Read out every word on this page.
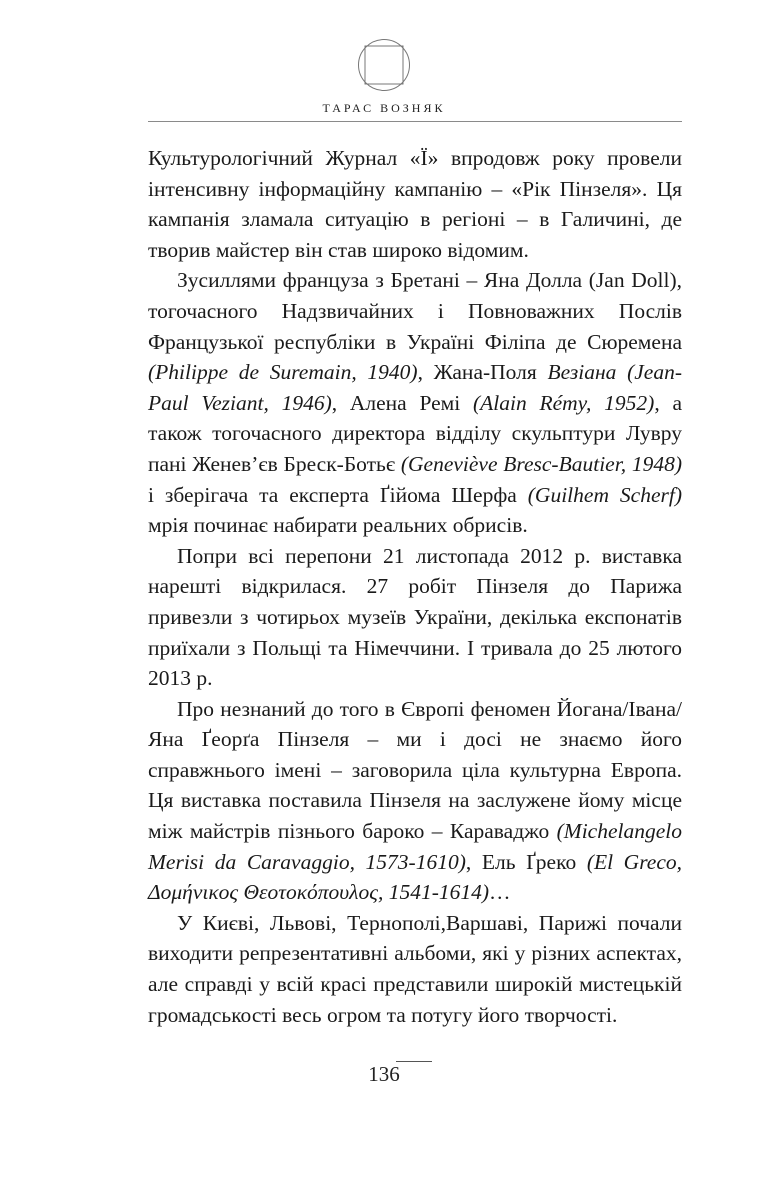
ТАРАС ВОЗНЯК

Культурологічний Журнал «Ї» впродовж року провели інтенсивну інформаційну кампанію – «Рік Пінзеля». Ця кампанія зламала ситуацію в регіоні – в Галичині, де творив майстер він став широко відомим.

Зусиллями француза з Бретані – Яна Долла (Jan Doll), тогочасного Надзвичайних і Повноважних Послів Французької республіки в Україні Філіпа де Сюремена (Philippe de Suremain, 1940), Жана-Поля Везіана (Jean-Paul Veziant, 1946), Алена Ремі (Alain Rémy, 1952), а також тогочасного директора відділу скульптури Лувру пані Женев’єв Бреск-Ботьє (Geneviève Bresc-Bautier, 1948) і зберігача та експерта Ґійома Шерфа (Guilhem Scherf) мрія починає набирати реальних обрисів.

Попри всі перепони 21 листопада 2012 р. виставка нарешті відкрилася. 27 робіт Пінзеля до Парижа привезли з чотирьох музеїв України, декілька експонатів приїхали з Польщі та Німеччини. І тривала до 25 лютого 2013 р.

Про незнаний до того в Європі феномен Йогана/Івана/Яна Ґеорґа Пінзеля – ми і досі не знаємо його справжнього імені – заговорила ціла культурна Европа. Ця виставка поставила Пінзеля на заслужене йому місце між майстрів пізнього бароко – Караваджо (Michelangelo Merisi da Caravaggio, 1573-1610), Ель Ґреко (El Greco, Δομήνικος Θεοτοκόπουλος, 1541-1614)…

У Києві, Львові, Тернополі,Варшаві, Парижі почали виходити репрезентативні альбоми, які у різних аспектах, але справді у всій красі представили широкій мистецькій громадськості весь огром та потугу його творчості.

136
